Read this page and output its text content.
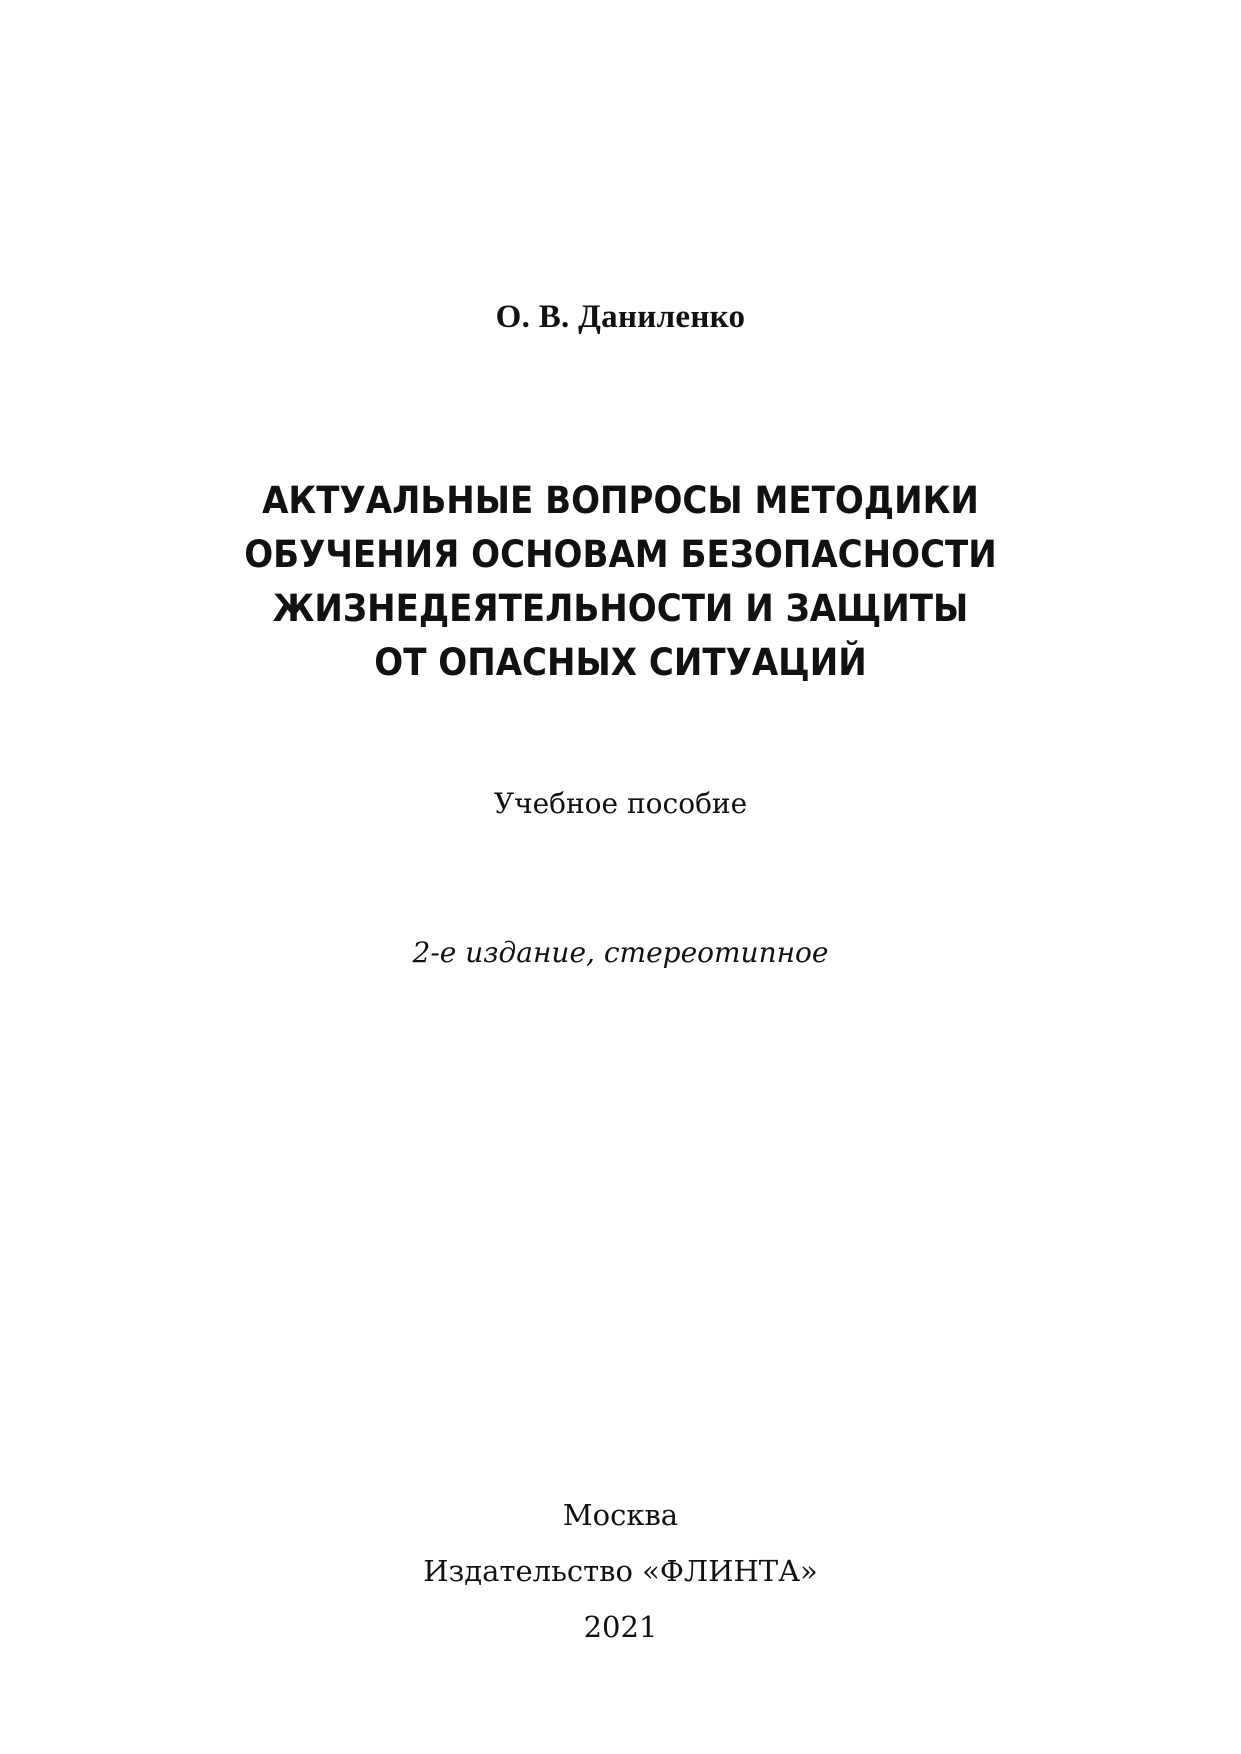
О. В. Даниленко
АКТУАЛЬНЫЕ ВОПРОСЫ МЕТОДИКИ
ОБУЧЕНИЯ ОСНОВАМ БЕЗОПАСНОСТИ
ЖИЗНЕДЕЯТЕЛЬНОСТИ И ЗАЩИТЫ
ОТ ОПАСНЫХ СИТУАЦИЙ
Учебное пособие
2-е издание, стереотипное
Москва
Издательство «ФЛИНТА»
2021
